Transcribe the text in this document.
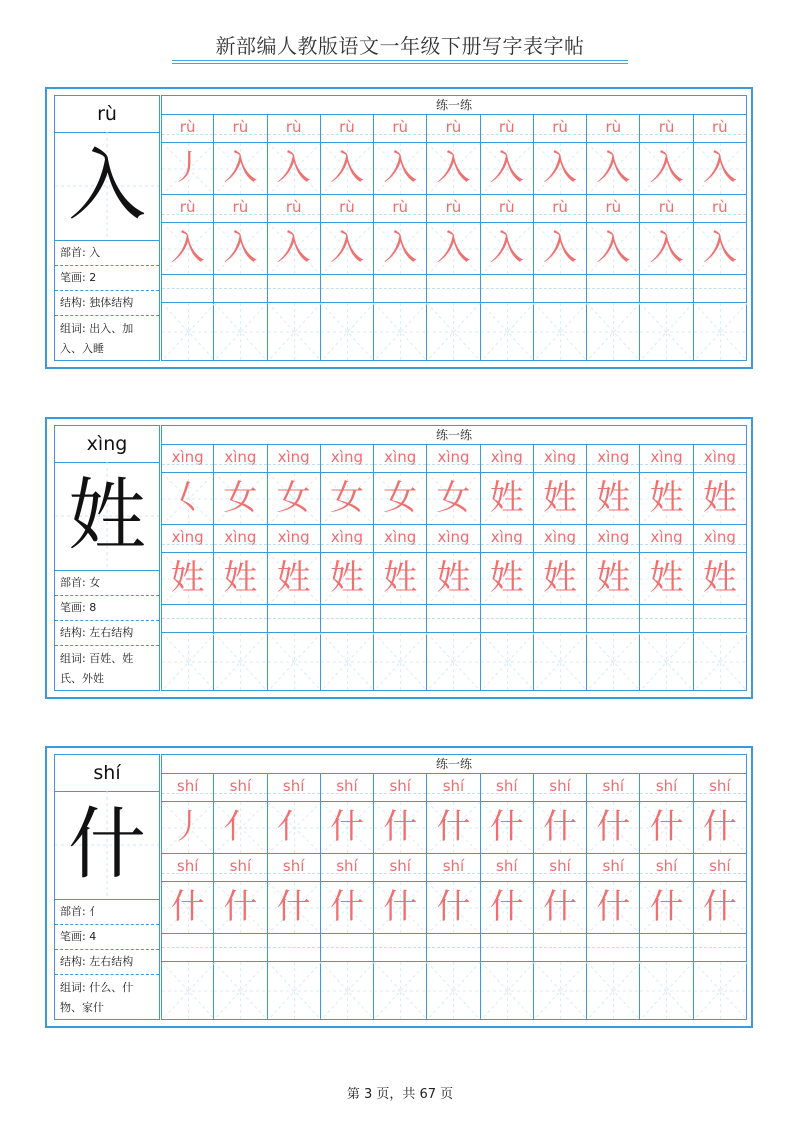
新部编人教版语文一年级下册写字表字帖
rù
入
部首: 入
笔画: 2
结构: 独体结构
组词: 出入、加入、入睡
练一练
rù	rù	rù	rù	rù	rù	rù	rù	rù	rù	rù
丿 入 入 入 入 入 入 入 入 入 入
rù	rù	rù	rù	rù	rù	rù	rù	rù	rù	rù
入 入 入 入 入 入 入 入 入 入 入
xìng
姓
部首: 女
笔画: 8
结构: 左右结构
组词: 百姓、姓氏、外姓
练一练
xìng	xìng	xìng	xìng	xìng	xìng	xìng	xìng	xìng	xìng	xìng
𡿨 女 女 女 女 女 姓 姓 姓 姓 姓
xìng	xìng	xìng	xìng	xìng	xìng	xìng	xìng	xìng	xìng	xìng
姓 姓 姓 姓 姓 姓 姓 姓 姓 姓 姓
shí
什
部首: 亻
笔画: 4
结构: 左右结构
组词: 什么、什物、家什
练一练
shí	shí	shí	shí	shí	shí	shí	shí	shí	shí	shí
丿 亻 亻 什 什 什 什 什 什 什 什
shí	shí	shí	shí	shí	shí	shí	shí	shí	shí	shí
什 什 什 什 什 什 什 什 什 什 什
第 3 页，共 67 页
